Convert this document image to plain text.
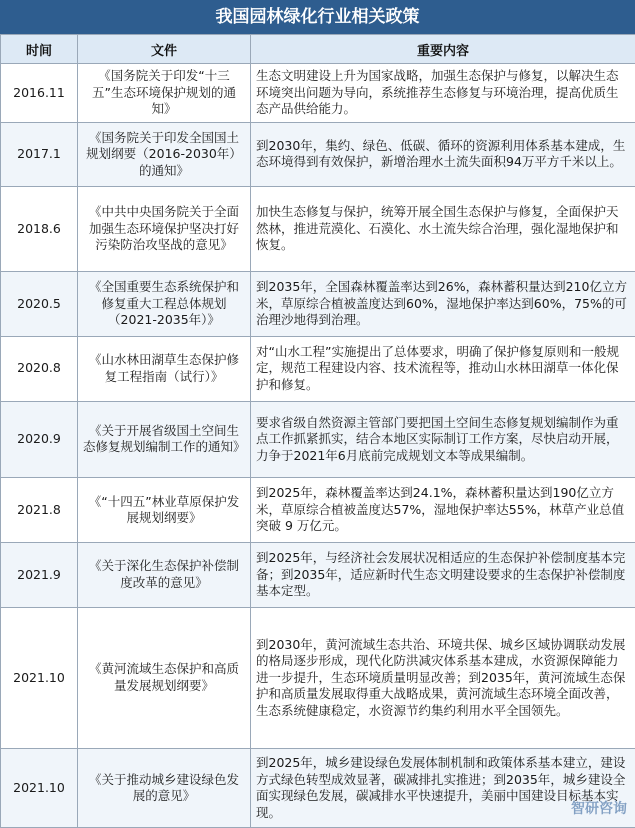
我国园林绿化行业相关政策
时间	文件	重要内容
2016.11	《国务院关于印发“十三五”生态环境保护规划的通知》	生态文明建设上升为国家战略，加强生态保护与修复，以解决生态环境突出问题为导向，系统推荐生态修复与环境治理，提高优质生态产品供给能力。
2017.1	《国务院关于印发全国国土规划纲要（2016-2030年）的通知》	到2030年，集约、绿色、低碳、循环的资源利用体系基本建成，生态环境得到有效保护，新增治理水土流失面积94万平方千米以上。
2018.6	《中共中央国务院关于全面加强生态环境保护坚决打好污染防治攻坚战的意见》	加快生态修复与保护，统筹开展全国生态保护与修复，全面保护天然林，推进荒漠化、石漠化、水土流失综合治理，强化湿地保护和恢复。
2020.5	《全国重要生态系统保护和修复重大工程总体规划（2021-2035年）》	到2035年，全国森林覆盖率达到26%，森林蓄积量达到210亿立方米，草原综合植被盖度达到60%，湿地保护率达到60%，75%的可治理沙地得到治理。
2020.8	《山水林田湖草生态保护修复工程指南（试行）》	对“山水工程”实施提出了总体要求，明确了保护修复原则和一般规定，规范工程建设内容、技术流程等，推动山水林田湖草一体化保护和修复。
2020.9	《关于开展省级国土空间生态修复规划编制工作的通知》	要求省级自然资源主管部门要把国土空间生态修复规划编制作为重点工作抓紧抓实，结合本地区实际制订工作方案，尽快启动开展，力争于2021年6月底前完成规划文本等成果编制。
2021.8	《“十四五”林业草原保护发展规划纲要》	到2025年，森林覆盖率达到24.1%，森林蓄积量达到190亿立方米，草原综合植被盖度达57%，湿地保护率达55%，林草产业总值突破 9 万亿元。
2021.9	《关于深化生态保护补偿制度改革的意见》	到2025年，与经济社会发展状况相适应的生态保护补偿制度基本完备；到2035年，适应新时代生态文明建设要求的生态保护补偿制度基本定型。
2021.10	《黄河流域生态保护和高质量发展规划纲要》	到2030年，黄河流域生态共治、环境共保、城乡区域协调联动发展的格局逐步形成，现代化防洪减灾体系基本建成，水资源保障能力进一步提升，生态环境质量明显改善；到2035年，黄河流域生态保护和高质量发展取得重大战略成果，黄河流域生态环境全面改善，生态系统健康稳定，水资源节约集约利用水平全国领先。
2021.10	《关于推动城乡建设绿色发展的意见》	到2025年，城乡建设绿色发展体制机制和政策体系基本建立，建设方式绿色转型成效显著，碳减排扎实推进；到2035年，城乡建设全面实现绿色发展，碳减排水平快速提升，美丽中国建设目标基本实现。	智研咨询
